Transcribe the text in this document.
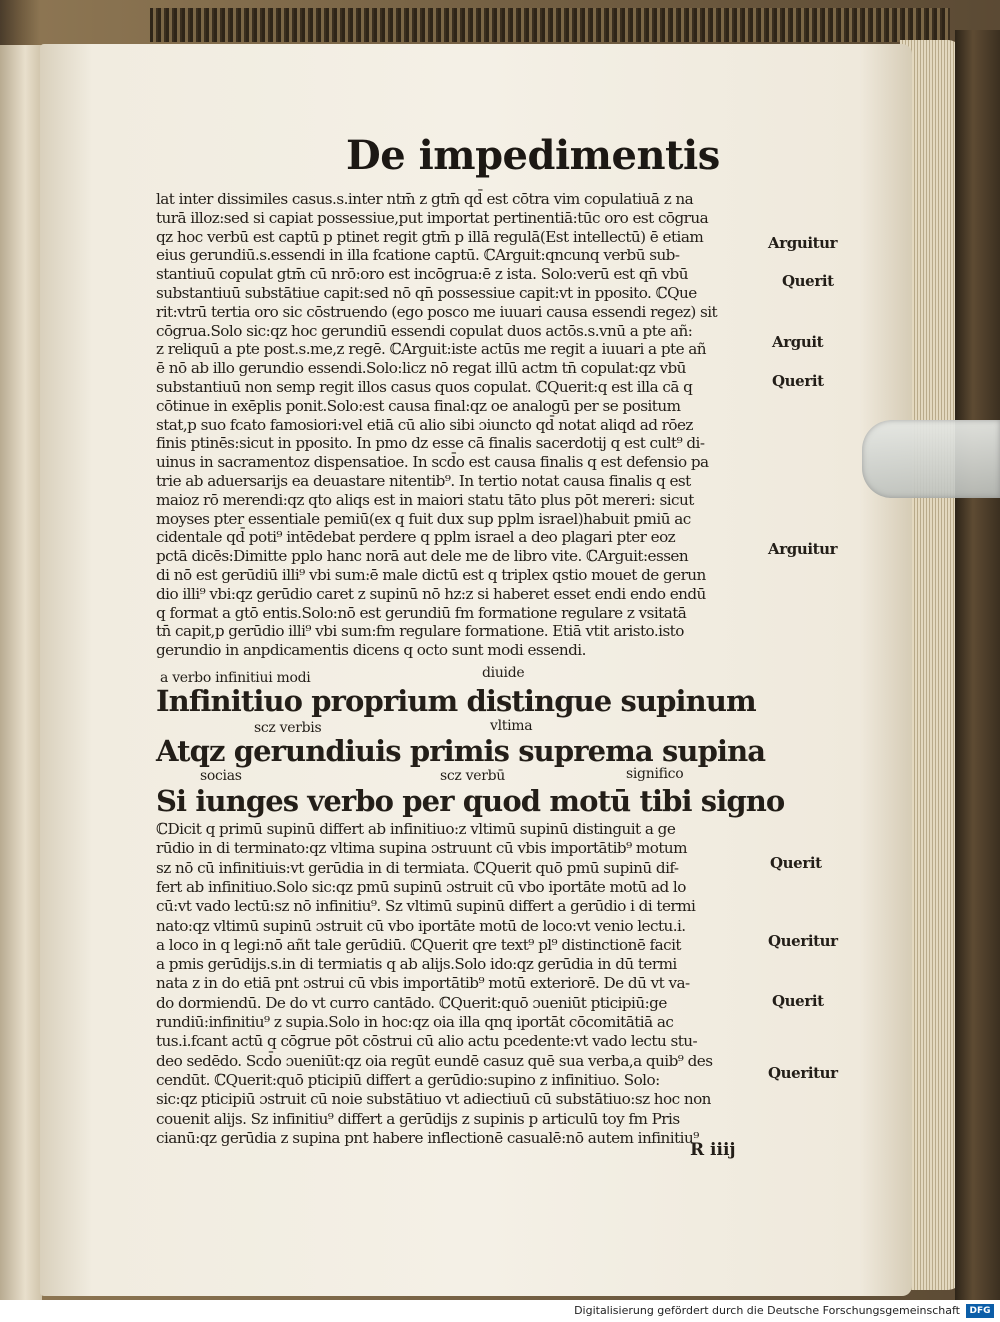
De impedimentis

lat inter dissimiles casus.s.inter ntm̄ z gtm̄ qd̄ est cōtra vim copulatiuā z na

turā illoz:sed si capiat possessiue,put importat pertinentiā:tūc oro est cōgrua

qz hoc verbū est captū p ptinet regit gtm̄ p illā regulā(Est intellectū) ē etiam

eius gerundiū.s.essendi in illa fcatione captū. ℂArguit:qncunq verbū sub-

stantiuū copulat gtm̄ cū nrō:oro est incōgrua:ē z ista. Solo:verū est qn̄ vbū

substantiuū substātiue capit:sed nō qn̄ possessiue capit:vt in pposito. ℂQue

rit:vtrū tertia oro sic cōstruendo (ego posco me iuuari causa essendi regez) sit

cōgrua.Solo sic:qz hoc gerundiū essendi copulat duos actōs.s.vnū a pte añ:

z reliquū a pte post.s.me,z regē. ℂArguit:iste actūs me regit a iuuari a pte añ

ē nō ab illo gerundio essendi.Solo:licz nō regat illū actm tn̄ copulat:qz vbū

substantiuū non semp regit illos casus quos copulat. ℂQuerit:q est illa cā q

cōtinue in exēplis ponit.Solo:est causa final:qz oe analogū per se positum

stat,p suo fcato famosiori:vel etiā cū alio sibi ɔiuncto qd̄ notat aliqd ad rōez

finis ptinēs:sicut in pposito. In pmo dz esse cā finalis sacerdotij q est cult⁹ di-

uinus in sacramentoz dispensatioe. In scd̄o est causa finalis q est defensio pa

trie ab aduersarijs ea deuastare nitentib⁹. In tertio notat causa finalis q est

maioz rō merendi:qz qto aliqs est in maiori statu tāto plus pōt mereri: sicut

moyses pter essentiale pemiū(ex q fuit dux sup pplm israel)habuit pmiū ac

cidentale qd̄ poti⁹ intēdebat perdere q pplm israel a deo plagari pter eoz

pctā dicēs:Dimitte pplo hanc norā aut dele me de libro vite. ℂArguit:essen

di nō est gerūdiū illi⁹ vbi sum:ē male dictū est q triplex qstio mouet de gerun

dio illi⁹ vbi:qz gerūdio caret z supinū nō hz:z si haberet esset endi endo endū

q format a gtō entis.Solo:nō est gerundiū fm formatione regulare z vsitatā

tn̄ capit,p gerūdio illi⁹ vbi sum:fm regulare formatione. Etiā vtit aristo.isto

gerundio in anpdicamentis dicens q octo sunt modi essendi.

a verbo infinitiui modi	diuide

Infinitiuo proprium distingue supinum

scz verbis	vltima

Atqz gerundiuis primis suprema supina

socias	scz verbū	significo

Si iunges verbo per quod motū tibi signo

ℂDicit q primū supinū differt ab infinitiuo:z vltimū supinū distinguit a ge

rūdio in di terminato:qz vltima supina ɔstruunt cū vbis importātib⁹ motum

sz nō cū infinitiuis:vt gerūdia in di termiata. ℂQuerit quō pmū supinū dif-

fert ab infinitiuo.Solo sic:qz pmū supinū ɔstruit cū vbo iportāte motū ad lo

cū:vt vado lectū:sz nō infinitiu⁹. Sz vltimū supinū differt a gerūdio i di termi

nato:qz vltimū supinū ɔstruit cū vbo iportāte motū de loco:vt venio lectu.i.

a loco in q legi:nō añt tale gerūdiū. ℂQuerit qre text⁹ pl⁹ distinctionē facit

a pmis gerūdijs.s.in di termiatis q ab alijs.Solo ido:qz gerūdia in dū termi

nata z in do etiā pnt ɔstrui cū vbis importātib⁹ motū exteriorē. De dū vt va-

do dormiendū. De do vt curro cantādo. ℂQuerit:quō ɔueniūt pticipiū:ge

rundiū:infinitiu⁹ z supia.Solo in hoc:qz oia illa qnq iportāt cōcomitātiā ac

tus.i.fcant actū q cōgrue pōt cōstrui cū alio actu pcedente:vt vado lectu stu-

deo sedēdo. Scd̄o ɔueniūt:qz oia regūt eundē casuz quē sua verba,a quib⁹ des

cendūt. ℂQuerit:quō pticipiū differt a gerūdio:supino z infinitiuo. Solo:

sic:qz pticipiū ɔstruit cū noie substātiuo vt adiectiuū cū substātiuo:sz hoc non

couenit alijs. Sz infinitiu⁹ differt a gerūdijs z supinis p articulū toy fm Pris

cianū:qz gerūdia z supina pnt habere inflectionē casualē:nō autem infinitiu⁹

Arguitur

Querit

Arguit

Querit

Arguitur

Querit

Queritur

Querit

Queritur

R iiij

Digitalisierung gefördert durch die Deutsche Forschungsgemeinschaft	DFG
